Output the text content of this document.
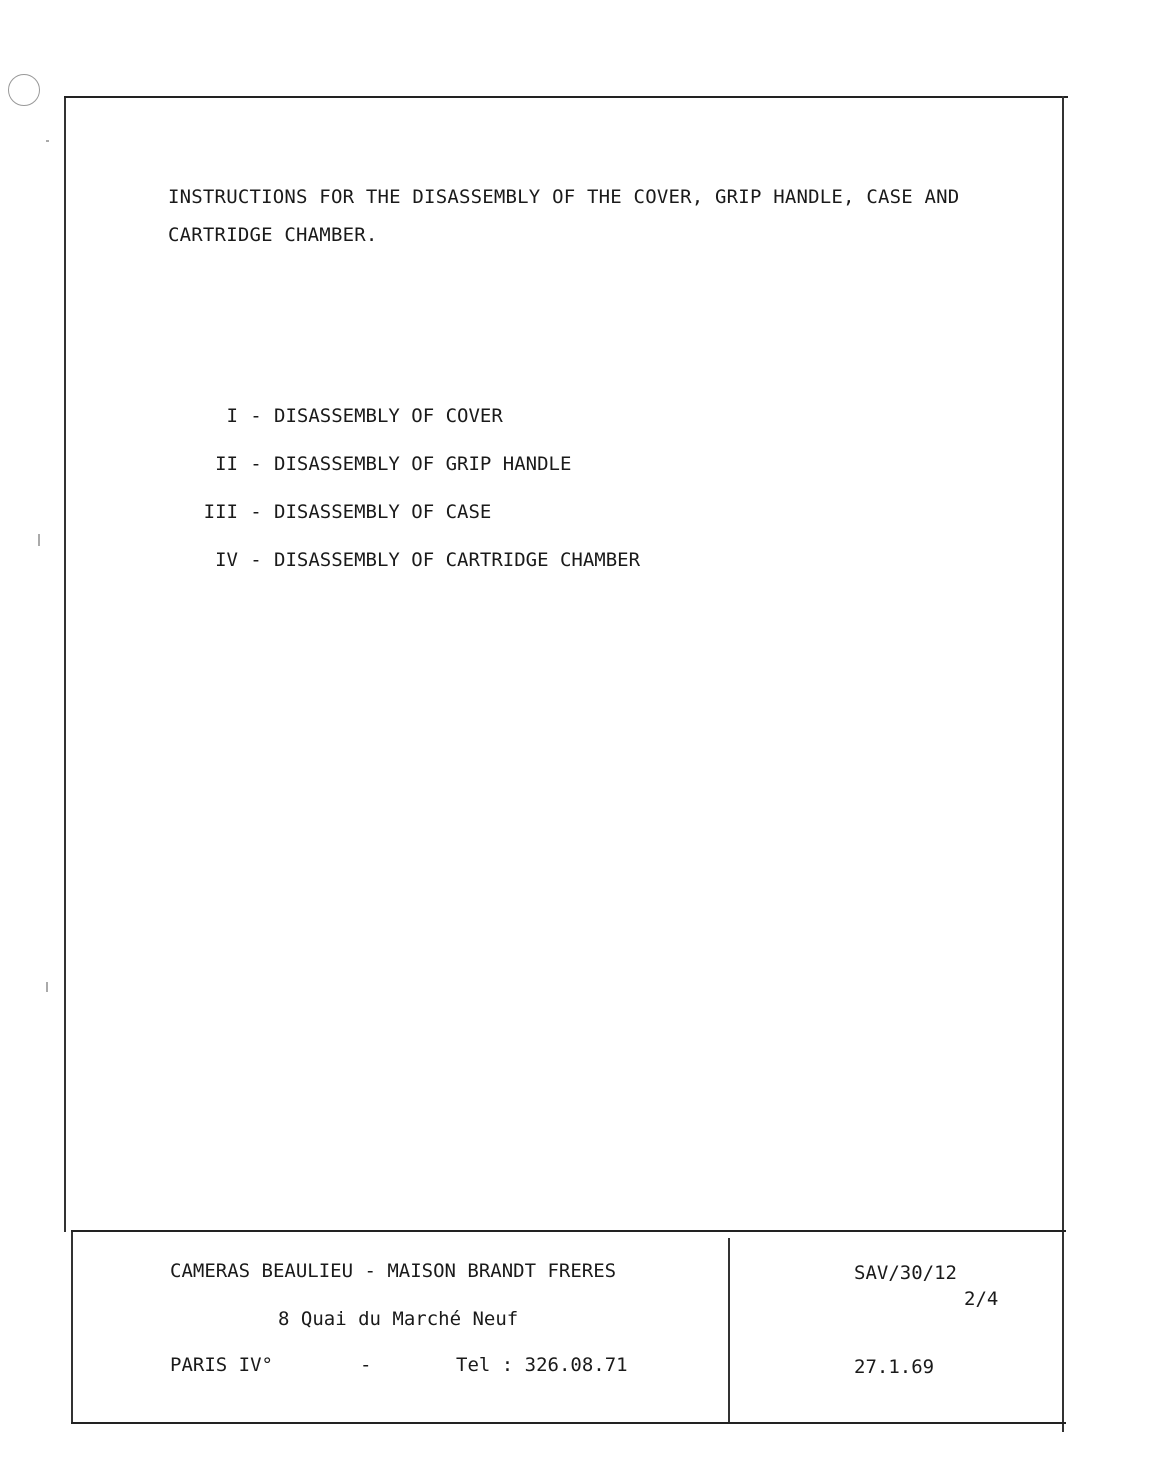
INSTRUCTIONS FOR THE DISASSEMBLY OF THE COVER, GRIP HANDLE, CASE AND
CARTRIDGE CHAMBER.
I - DISASSEMBLY OF COVER
II - DISASSEMBLY OF GRIP HANDLE
III - DISASSEMBLY OF CASE
IV - DISASSEMBLY OF CARTRIDGE CHAMBER
CAMERAS BEAULIEU - MAISON BRANDT FRERES
8 Quai du Marché Neuf
PARIS IV°	-	Tel : 326.08.71
SAV/30/12
2/4
27.1.69
